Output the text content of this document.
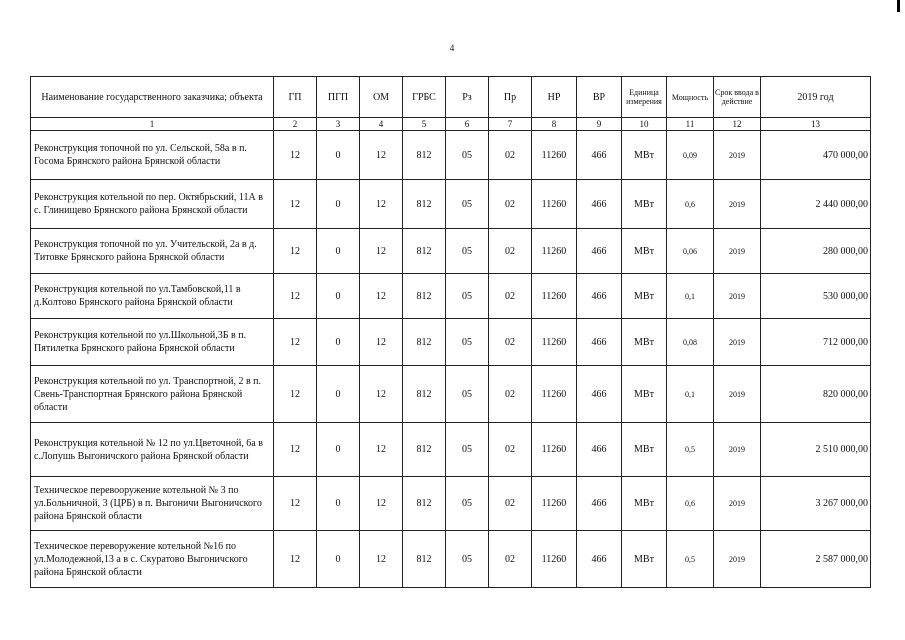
4
Наименование государственного заказчика; объекта	ГП	ПГП	ОМ	ГРБС	Рз	Пр	НР	ВР	Единица измерения	Мощность	Срок ввода в действие	2019 год
1	2	3	4	5	6	7	8	9	10	11	12	13
Реконструкция топочной по ул. Сельской, 58а в п. Госома Брянского района Брянской области	12	0	12	812	05	02	11260	466	МВт	0,09	2019	470 000,00
Реконструкция котельной по пер. Октябрьский, 11А в с. Глинищево Брянского района Брянской области	12	0	12	812	05	02	11260	466	МВт	0,6	2019	2 440 000,00
Реконструкция топочной по ул. Учительской, 2а в д. Титовке Брянского района Брянской области	12	0	12	812	05	02	11260	466	МВт	0,06	2019	280 000,00
Реконструкция котельной по ул.Тамбовской,11 в д.Колтово Брянского района Брянской области	12	0	12	812	05	02	11260	466	МВт	0,1	2019	530 000,00
Реконструкция котельной по ул.Школьной,3Б в п. Пятилетка Брянского района Брянской области	12	0	12	812	05	02	11260	466	МВт	0,08	2019	712 000,00
Реконструкция котельной по ул. Транспортной, 2 в п. Свень-Транспортная Брянского района Брянской области	12	0	12	812	05	02	11260	466	МВт	0,1	2019	820 000,00
Реконструкция котельной № 12 по ул.Цветочной, 6а в с.Лопушь Выгоничского района Брянской области	12	0	12	812	05	02	11260	466	МВт	0,5	2019	2 510 000,00
Техническое перевооружение котельной № 3 по ул.Больничной, 3 (ЦРБ) в п. Выгоничи Выгоничского района Брянской области	12	0	12	812	05	02	11260	466	МВт	0,6	2019	3 267 000,00
Техническое переворужение котельной №16 по ул.Молодежной,13 а в с. Скуратово Выгоничского района Брянской области	12	0	12	812	05	02	11260	466	МВт	0,5	2019	2 587 000,00
